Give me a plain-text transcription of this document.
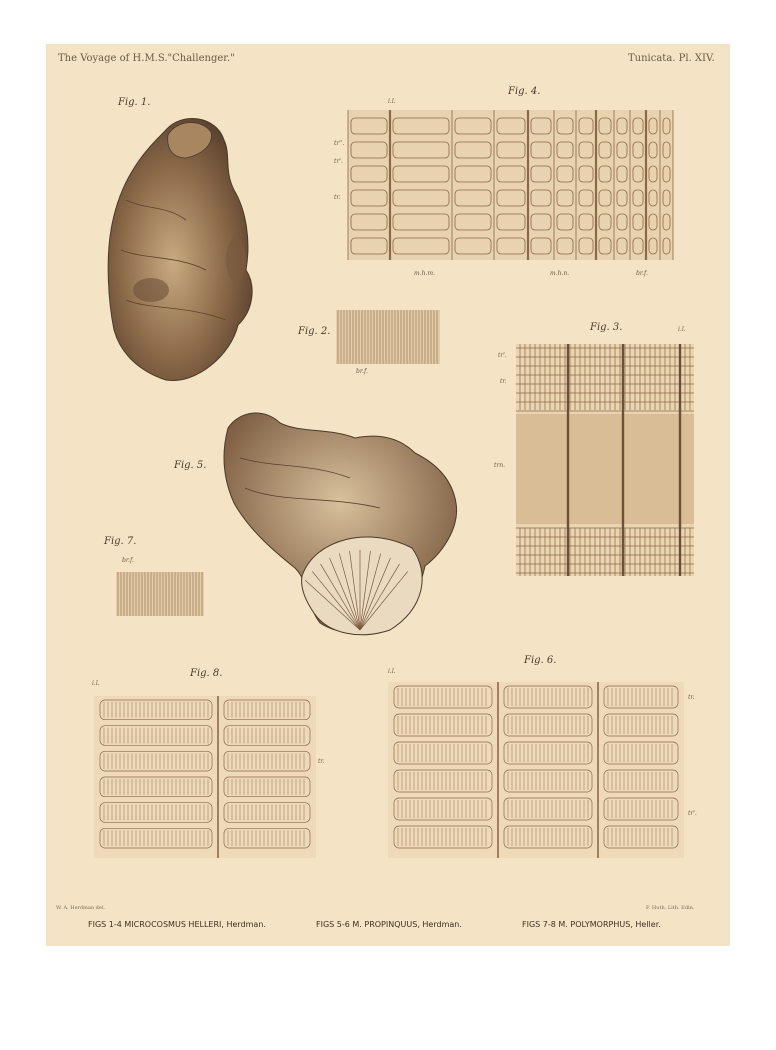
The Voyage of H.M.S."Challenger."	Tunicata. Pl. XIV.
Fig. 1.
Fig. 4.
i.l.
tr''.
tr'.
tr.
m.h.m.	m.h.n.	br.f.
Fig. 2.
br.f.
Fig. 3.	i.l.
tr'.
tr.
trn.
Fig. 5.
Fig. 7.
br.f.
Fig. 8.
i.l.
tr.
Fig. 6.
i.l.
tr.
tr'.
W. A. Herdman del.	F. Huth, Lith. Edin.
FIGS 1-4 MICROCOSMUS HELLERI, Herdman.	FIGS 5-6 M. PROPINQUUS, Herdman.	FIGS 7-8 M. POLYMORPHUS, Heller.
